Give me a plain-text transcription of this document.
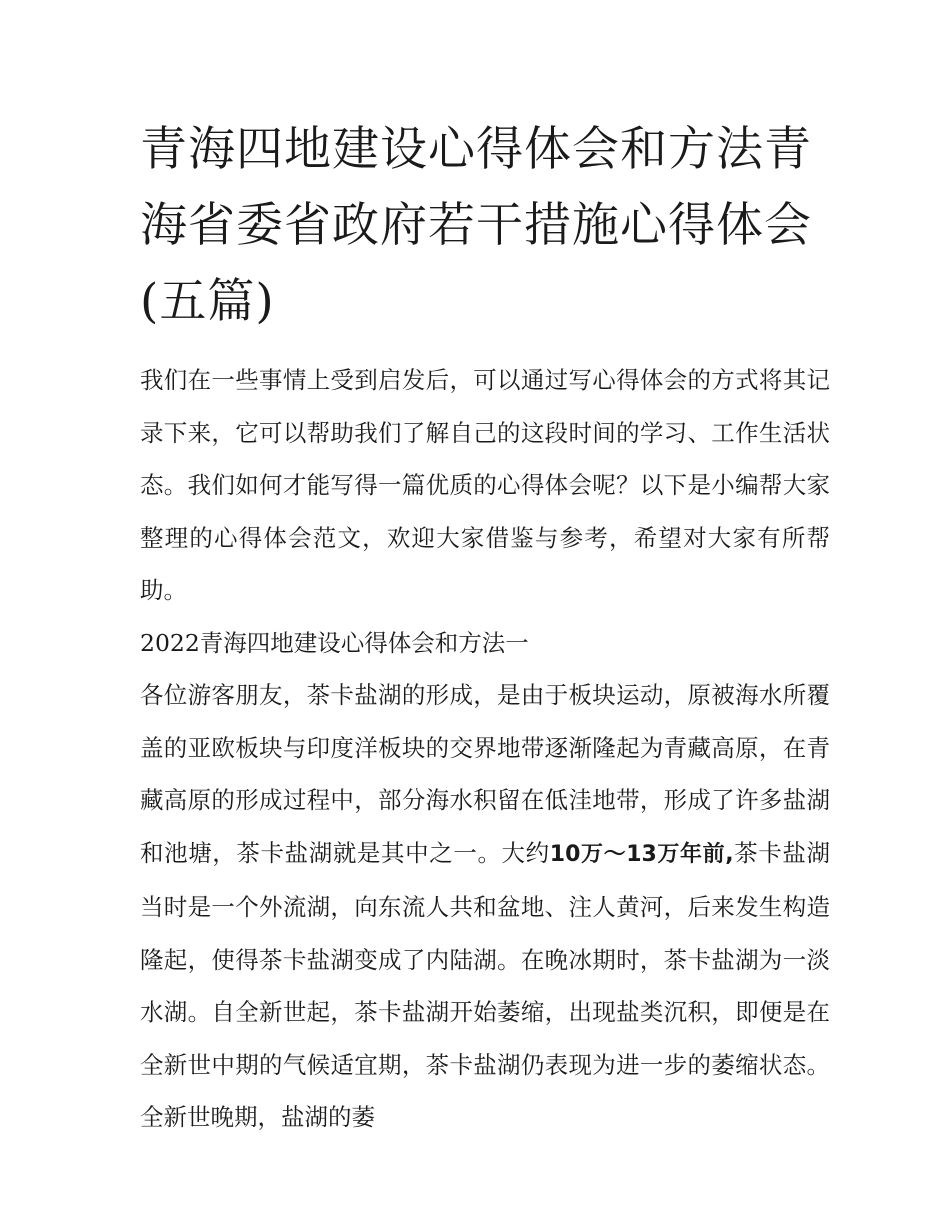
青海四地建设心得体会和方法青海省委省政府若干措施心得体会(五篇)

我们在一些事情上受到启发后，可以通过写心得体会的方式将其记录下来，它可以帮助我们了解自己的这段时间的学习、工作生活状态。我们如何才能写得一篇优质的心得体会呢？以下是小编帮大家整理的心得体会范文，欢迎大家借鉴与参考，希望对大家有所帮助。

2022青海四地建设心得体会和方法一

各位游客朋友，茶卡盐湖的形成，是由于板块运动，原被海水所覆盖的亚欧板块与印度洋板块的交界地带逐渐隆起为青藏高原，在青藏高原的形成过程中，部分海水积留在低洼地带，形成了许多盐湖和池塘，茶卡盐湖就是其中之一。大约10万～13万年前,茶卡盐湖当时是一个外流湖，向东流人共和盆地、注人黄河，后来发生构造隆起，使得茶卡盐湖变成了内陆湖。在晚冰期时，茶卡盐湖为一淡水湖。自全新世起，茶卡盐湖开始萎缩，出现盐类沉积，即便是在全新世中期的气候适宜期，茶卡盐湖仍表现为进一步的萎缩状态。全新世晚期，盐湖的萎
